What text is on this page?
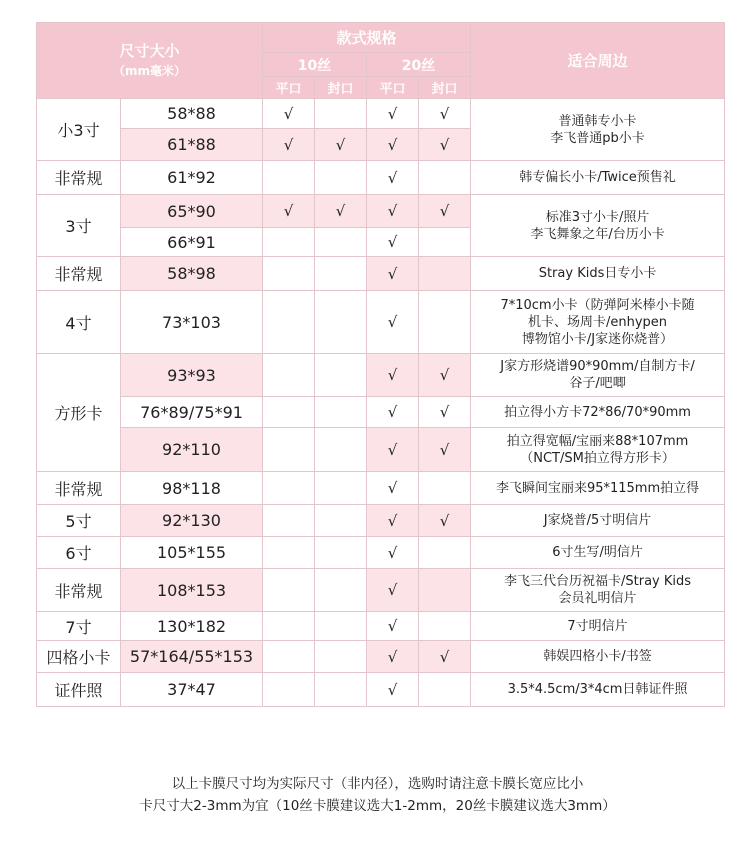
尺寸大小
（mm毫米）		款式规格				适合周边
		10丝		20丝		
		平口	封口	平口	封口	
小3寸	58*88	√		√	√	普通韩专小卡
李飞普通pb小卡
	61*88	√	√	√	√	
非常规	61*92			√		韩专偏长小卡/Twice预售礼
3寸	65*90	√	√	√	√	标准3寸小卡/照片
李飞舞象之年/台历小卡
	66*91			√		
非常规	58*98			√		Stray Kids日专小卡
4寸	73*103			√		7*10cm小卡（防弹阿米棒小卡随
机卡、场周卡/enhypen
博物馆小卡/J家迷你烧普）
方形卡	93*93			√	√	J家方形烧谱90*90mm/自制方卡/
谷子/吧唧
	76*89/75*91			√	√	拍立得小方卡72*86/70*90mm
	92*110			√	√	拍立得宽幅/宝丽来88*107mm
（NCT/SM拍立得方形卡）
非常规	98*118			√		李飞瞬间宝丽来95*115mm拍立得
5寸	92*130			√	√	J家烧普/5寸明信片
6寸	105*155			√		6寸生写/明信片
非常规	108*153			√		李飞三代台历祝福卡/Stray Kids
会员礼明信片
7寸	130*182			√		7寸明信片
四格小卡	57*164/55*153			√	√	韩娱四格小卡/书签
证件照	37*47			√		3.5*4.5cm/3*4cm日韩证件照
以上卡膜尺寸均为实际尺寸（非内径），选购时请注意卡膜长宽应比小
卡尺寸大2-3mm为宜（10丝卡膜建议选大1-2mm，20丝卡膜建议选大3mm）
